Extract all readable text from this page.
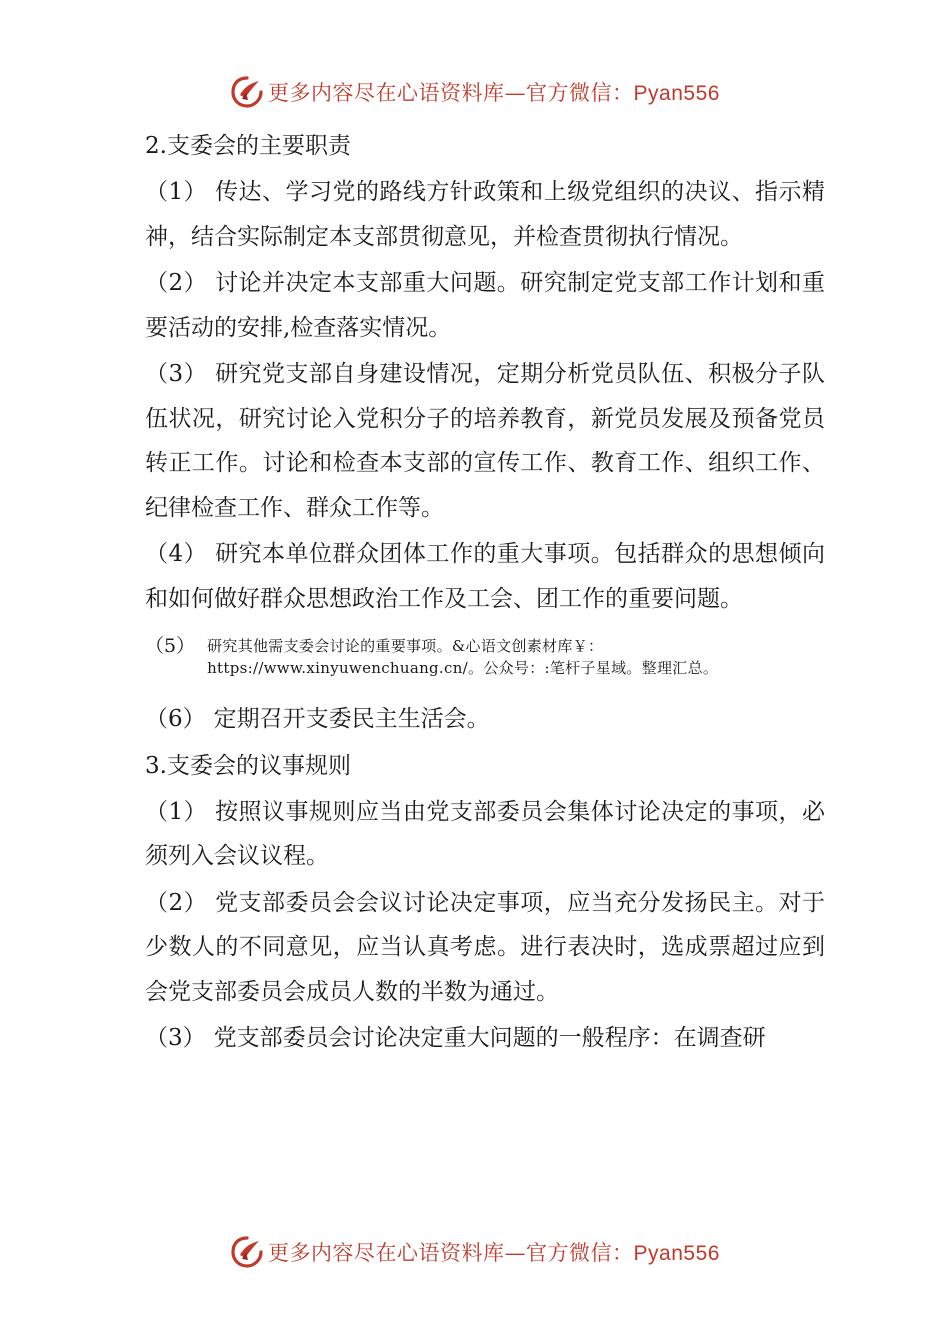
更多内容尽在心语资料库—官方微信：Pyan556
2.支委会的主要职责

（1） 传达、学习党的路线方针政策和上级党组织的决议、指示精神，结合实际制定本支部贯彻意见，并检查贯彻执行情况。

（2） 讨论并决定本支部重大问题。研究制定党支部工作计划和重要活动的安排,检查落实情况。

（3） 研究党支部自身建设情况，定期分析党员队伍、积极分子队伍状况，研究讨论入党积分子的培养教育，新党员发展及预备党员转正工作。讨论和检查本支部的宣传工作、教育工作、组织工作、纪律检查工作、群众工作等。

（4） 研究本单位群众团体工作的重大事项。包括群众的思想倾向和如何做好群众思想政治工作及工会、团工作的重要问题。

（5） 研究其他需支委会讨论的重要事项。&心语文创素材库￥：https://www.xinyuwenchuang.cn/。公众号：:笔杆子星域。整理汇总。

（6） 定期召开支委民主生活会。

3.支委会的议事规则

（1） 按照议事规则应当由党支部委员会集体讨论决定的事项，必须列入会议议程。

（2） 党支部委员会会议讨论决定事项，应当充分发扬民主。对于少数人的不同意见，应当认真考虑。进行表决时，选成票超过应到会党支部委员会成员人数的半数为通过。

（3） 党支部委员会讨论决定重大问题的一般程序：在调查研

更多内容尽在心语资料库—官方微信：Pyan556
